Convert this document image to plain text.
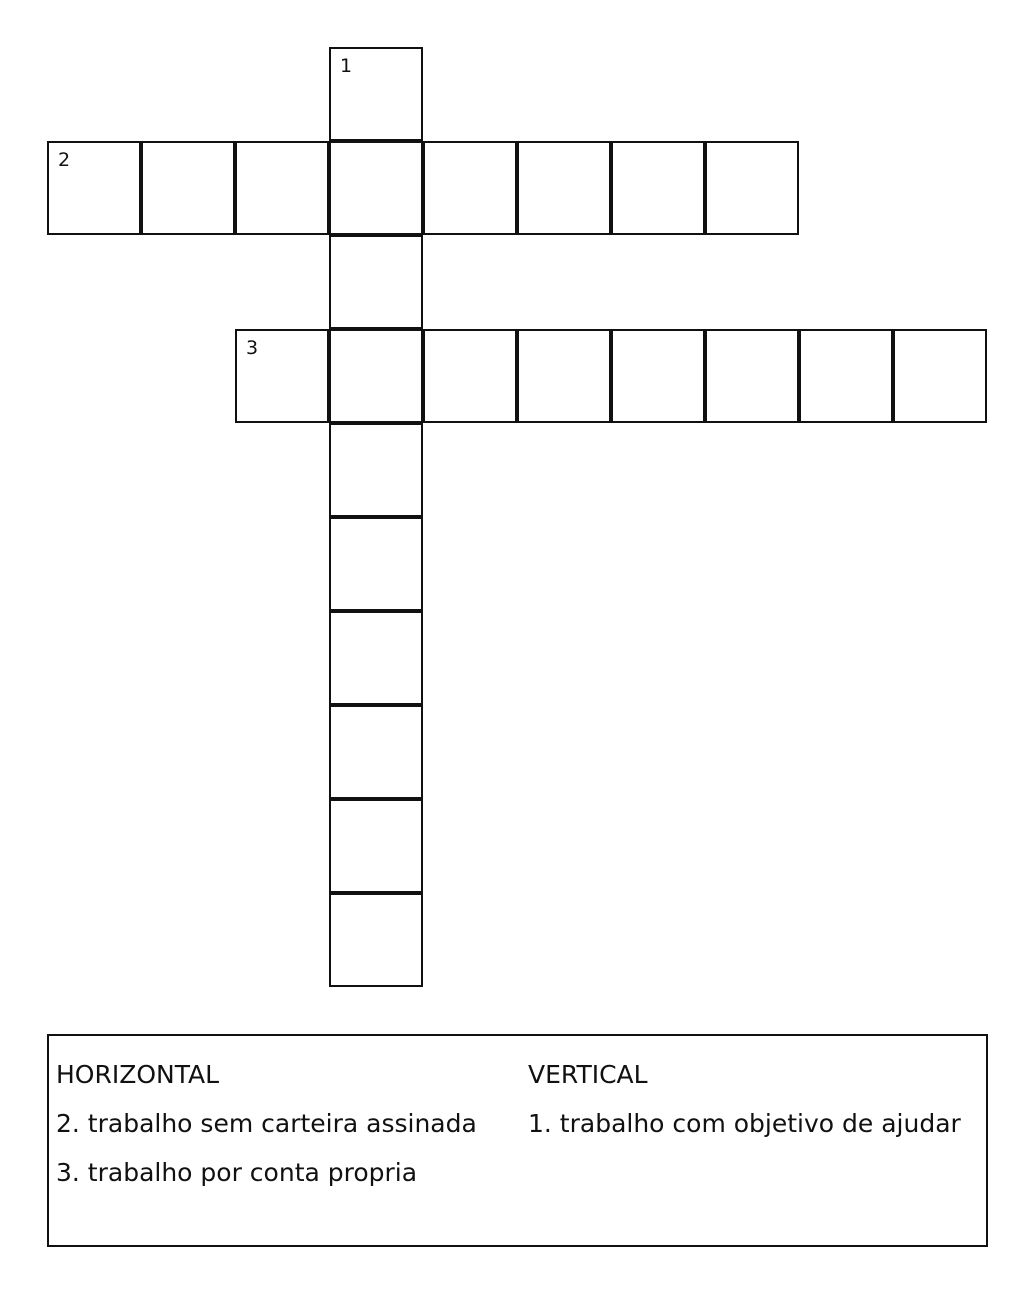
1
2
3
HORIZONTAL
2. trabalho sem carteira assinada
3. trabalho por conta propria
VERTICAL
1. trabalho com objetivo de ajudar
